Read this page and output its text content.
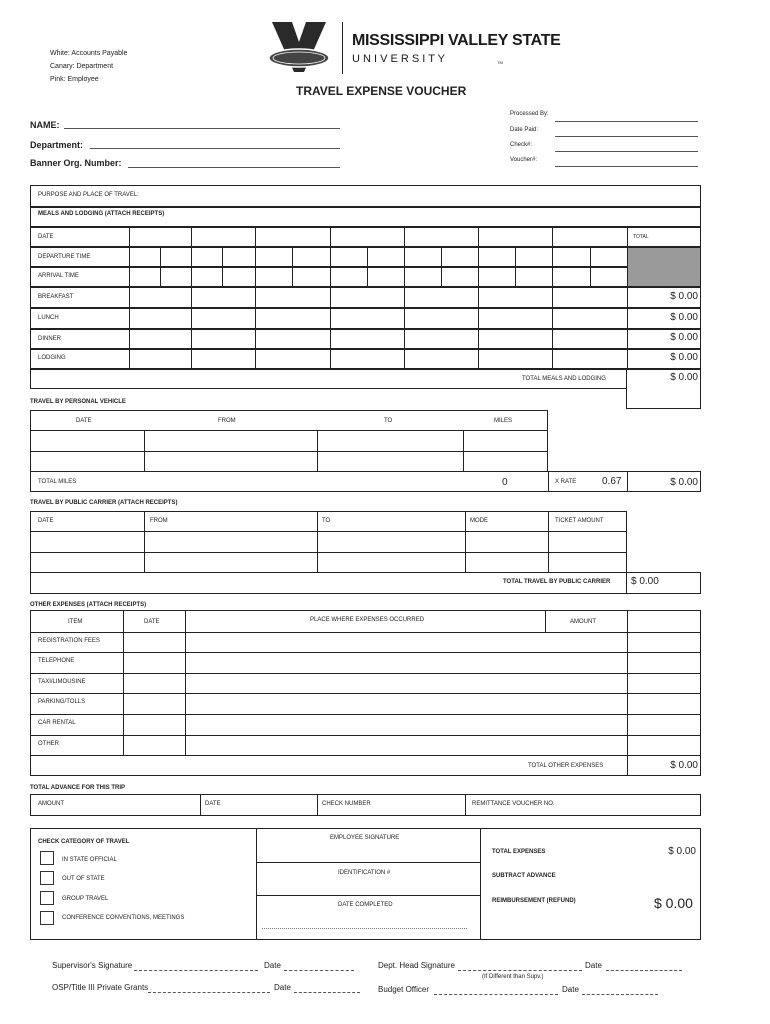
White: Accounts Payable
Canary: Department
Pink: Employee
MISSISSIPPI VALLEY STATE
U N I V E R S I T Y	TM
TRAVEL EXPENSE VOUCHER
NAME:
Department:
Banner Org. Number:
Processed By:
Date Paid:
Check#:
Voucher#:
PURPOSE AND PLACE OF TRAVEL:
MEALS AND LODGING (ATTACH RECEIPTS)
DATE	TOTAL
DEPARTURE TIME
ARRIVAL TIME
BREAKFAST	$ 0.00
LUNCH	$ 0.00
DINNER	$ 0.00
LODGING	$ 0.00
TOTAL MEALS AND LODGING	$ 0.00
TRAVEL BY PERSONAL VEHICLE
DATE	FROM	TO	MILES
TOTAL MILES	0	X RATE	0.67	$ 0.00
TRAVEL BY PUBLIC CARRIER (ATTACH RECEIPTS)
DATE	FROM	TO	MODE	TICKET AMOUNT
TOTAL TRAVEL BY PUBLIC CARRIER $ 0.00
OTHER EXPENSES (ATTACH RECEIPTS)
ITEM	DATE	PLACE WHERE EXPENSES OCCURRED	AMOUNT
REGISTRATION FEES
TELEPHONE
TAXI/LIMOUSINE
PARKING/TOLLS
CAR RENTAL
OTHER
TOTAL OTHER EXPENSES	$ 0.00
TOTAL ADVANCE FOR THIS TRIP
AMOUNT	DATE	CHECK NUMBER	REMITTANCE VOUCHER NO.
CHECK CATEGORY OF TRAVEL
IN STATE OFFICIAL
OUT OF STATE
GROUP TRAVEL
CONFERENCE CONVENTIONS, MEETINGS
EMPLOYEE SIGNATURE
IDENTIFICATION #
DATE COMPLETED
TOTAL EXPENSES	$ 0.00
SUBTRACT ADVANCE
REIMBURSEMENT (REFUND)	$ 0.00
Supervisor's Signature	Date	Dept. Head Signature	Date
(If Different than Supv.)
OSP/Title III Private Grants	Date	Budget Officer	Date
